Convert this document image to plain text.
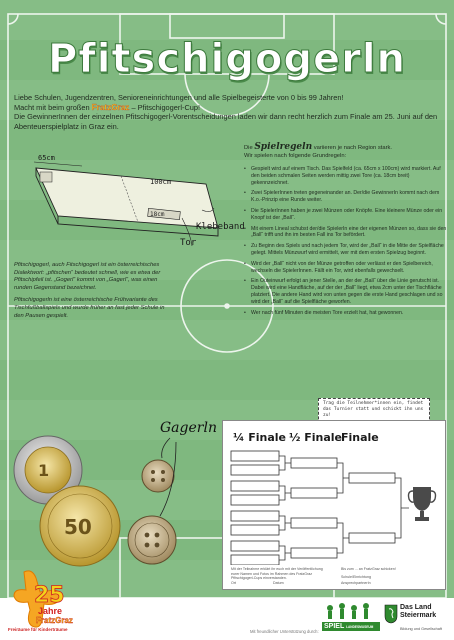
Pfitschigogerln

Liebe Schulen, Jugendzentren, Senioreneinrichtungen und alle Spielbegeisterte von 0 bis 99 Jahren!

Macht mit beim großen FratzGraz – Pfitschigogerl-Cup!

Die GewinnerInnen der einzelnen Pfitschigogerl-Vorentscheidungen laden wir dann recht herzlich zum Finale am 25. Juni auf den Abenteuerspielplatz in Graz ein.

65cm
100cm
18cm
Tor
Klebeband

Pfitschigogerl, auch Fitschigogerl ist ein österreichisches Dialektwort: „pfitschen“ bedeutet schnell, wie es etwa der Pfitschipfeil ist. „Gogerl“ kommt von „Gagerl“, was einen runden Gegenstand bezeichnet.

Pfitschigogerln ist eine österreichische Frühvariante des Tischfußballspiels und wurde früher an fast jeder Schule in den Pausen gespielt.

Die Spielregeln variieren je nach Region stark.
Wir spielen nach folgende Grundregeln:
• Gespielt wird auf einem Tisch. Das Spielfeld (ca. 65cm x 100cm) wird markiert. Auf den beiden schmalen Seiten werden mittig zwei Tore (ca. 18cm breit) gekennzeichnet.
• Zwei SpielerInnen treten gegeneinander an. Der/die GewinnerIn kommt nach dem K.o.-Prinzip eine Runde weiter.
• Die SpielerInnen haben je zwei Münzen oder Knöpfe. Eine kleinere Münze oder ein Knopf ist der „Ball“.
• Mit einem Lineal schubst der/die SpielerIn eine der eigenen Münzen so, dass sie den „Ball“ trifft und ihn im besten Fall ins Tor befördert.
• Zu Beginn des Spiels und nach jedem Tor, wird der „Ball“ in die Mitte der Spielfläche gelegt. Mittels Münzwurf wird ermittelt, wer mit dem ersten Spielzug beginnt.
• Wird der „Ball“ nicht von der Münze getroffen oder verlässt er den Spielbereich, wechseln die SpielerInnen. Fällt ein Tor, wird ebenfalls gewechselt.
• Ein Outeinwurf erfolgt an jener Stelle, an der der „Ball“ über die Linie gerutscht ist. Dabei wird eine Handfläche, auf der der „Ball“ liegt, etwa 2cm unter der Tischfläche platziert. Die andere Hand wird von unten gegen die erste Hand geschlagen und so wird der „Ball“ auf die Spielfläche geworfen.
• Wer nach fünf Minuten die meisten Tore erzielt hat, hat gewonnen.
1
50
Gagerln
Trag die Teilnehmer*innen ein, findet das Turnier statt und schickt ihn uns zu!
¼ Finale ½ Finale Finale
Mit der Teilnahme erklärt ihr euch mit der Veröffentlichung eurer Namen und Fotos im Rahmen des FratzGraz Pfitschigogerl-Cups einverstanden.
Bis zum ... an FratzGraz schicken!
Ort	Datum
Schule/Einrichtung
AnsprechpartnerIn
25
Jahre
FratzGraz
Freiräume für Kinderträume	Mit freundlicher Unterstützung durch:
SPIEL LANDESMUSEUM
Das Land
Steiermark
Bildung und Gesellschaft
